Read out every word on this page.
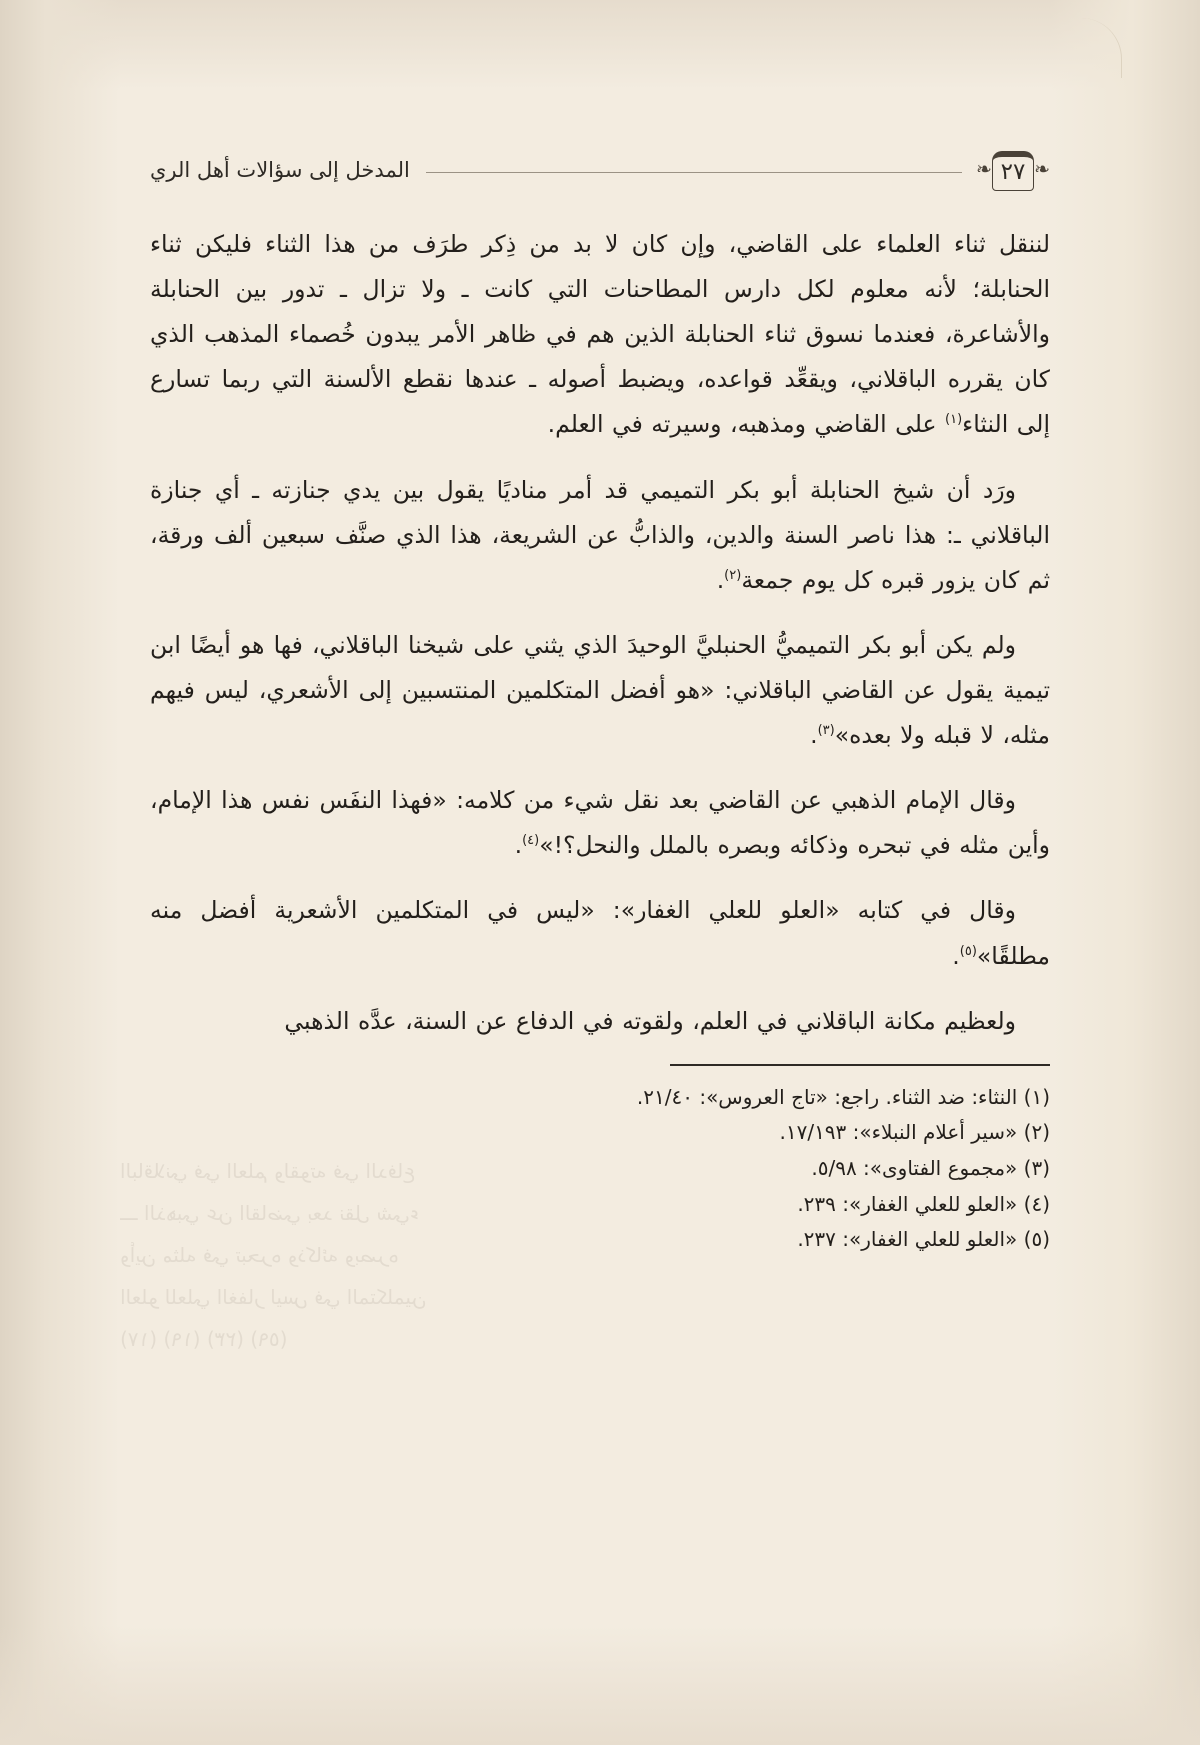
الباقلاني في العلم ولقوته في الدفاع
ـــ الذهبي عن القاضي بعد نقل شيء
وأين مثله في تبحره وذكائه وبصره
العلو للعلي الغفار ليس في المتكلمين
(١٧) (١٩) (٢٣) (٥٩)
المدخل إلى سؤالات أهل الري	❧ ٢٧ ❧

لننقل ثناء العلماء على القاضي، وإن كان لا بد من ذِكر طرَف من هذا الثناء فليكن ثناء الحنابلة؛ لأنه معلوم لكل دارس المطاحنات التي كانت ـ ولا تزال ـ تدور بين الحنابلة والأشاعرة، فعندما نسوق ثناء الحنابلة الذين هم في ظاهر الأمر يبدون خُصماء المذهب الذي كان يقرره الباقلاني، ويقعِّد قواعده، ويضبط أصوله ـ عندها نقطع الألسنة التي ربما تسارع إلى النثاء$^{(١)}$ على القاضي ومذهبه، وسيرته في العلم.

ورَد أن شيخ الحنابلة أبو بكر التميمي قد أمر مناديًا يقول بين يدي جنازته ـ أي جنازة الباقلاني ـ: هذا ناصر السنة والدين، والذابُّ عن الشريعة، هذا الذي صنَّف سبعين ألف ورقة، ثم كان يزور قبره كل يوم جمعة$^{(٢)}$.

ولم يكن أبو بكر التميميُّ الحنبليَّ الوحيدَ الذي يثني على شيخنا الباقلاني، فها هو أيضًا ابن تيمية يقول عن القاضي الباقلاني: «هو أفضل المتكلمين المنتسبين إلى الأشعري، ليس فيهم مثله، لا قبله ولا بعده»$^{(٣)}$.

وقال الإمام الذهبي عن القاضي بعد نقل شيء من كلامه: «فهذا النفَس نفس هذا الإمام، وأين مثله في تبحره وذكائه وبصره بالملل والنحل؟!»$^{(٤)}$.

وقال في كتابه «العلو للعلي الغفار»: «ليس في المتكلمين الأشعرية أفضل منه مطلقًا»$^{(٥)}$.

ولعظيم مكانة الباقلاني في العلم، ولقوته في الدفاع عن السنة، عدَّه الذهبي

(١) النثاء: ضد الثناء. راجع: «تاج العروس»: ٢١/٤٠.

(٢) «سير أعلام النبلاء»: ١٧/١٩٣.

(٣) «مجموع الفتاوى»: ٥/٩٨.

(٤) «العلو للعلي الغفار»: ٢٣٩.

(٥) «العلو للعلي الغفار»: ٢٣٧.
